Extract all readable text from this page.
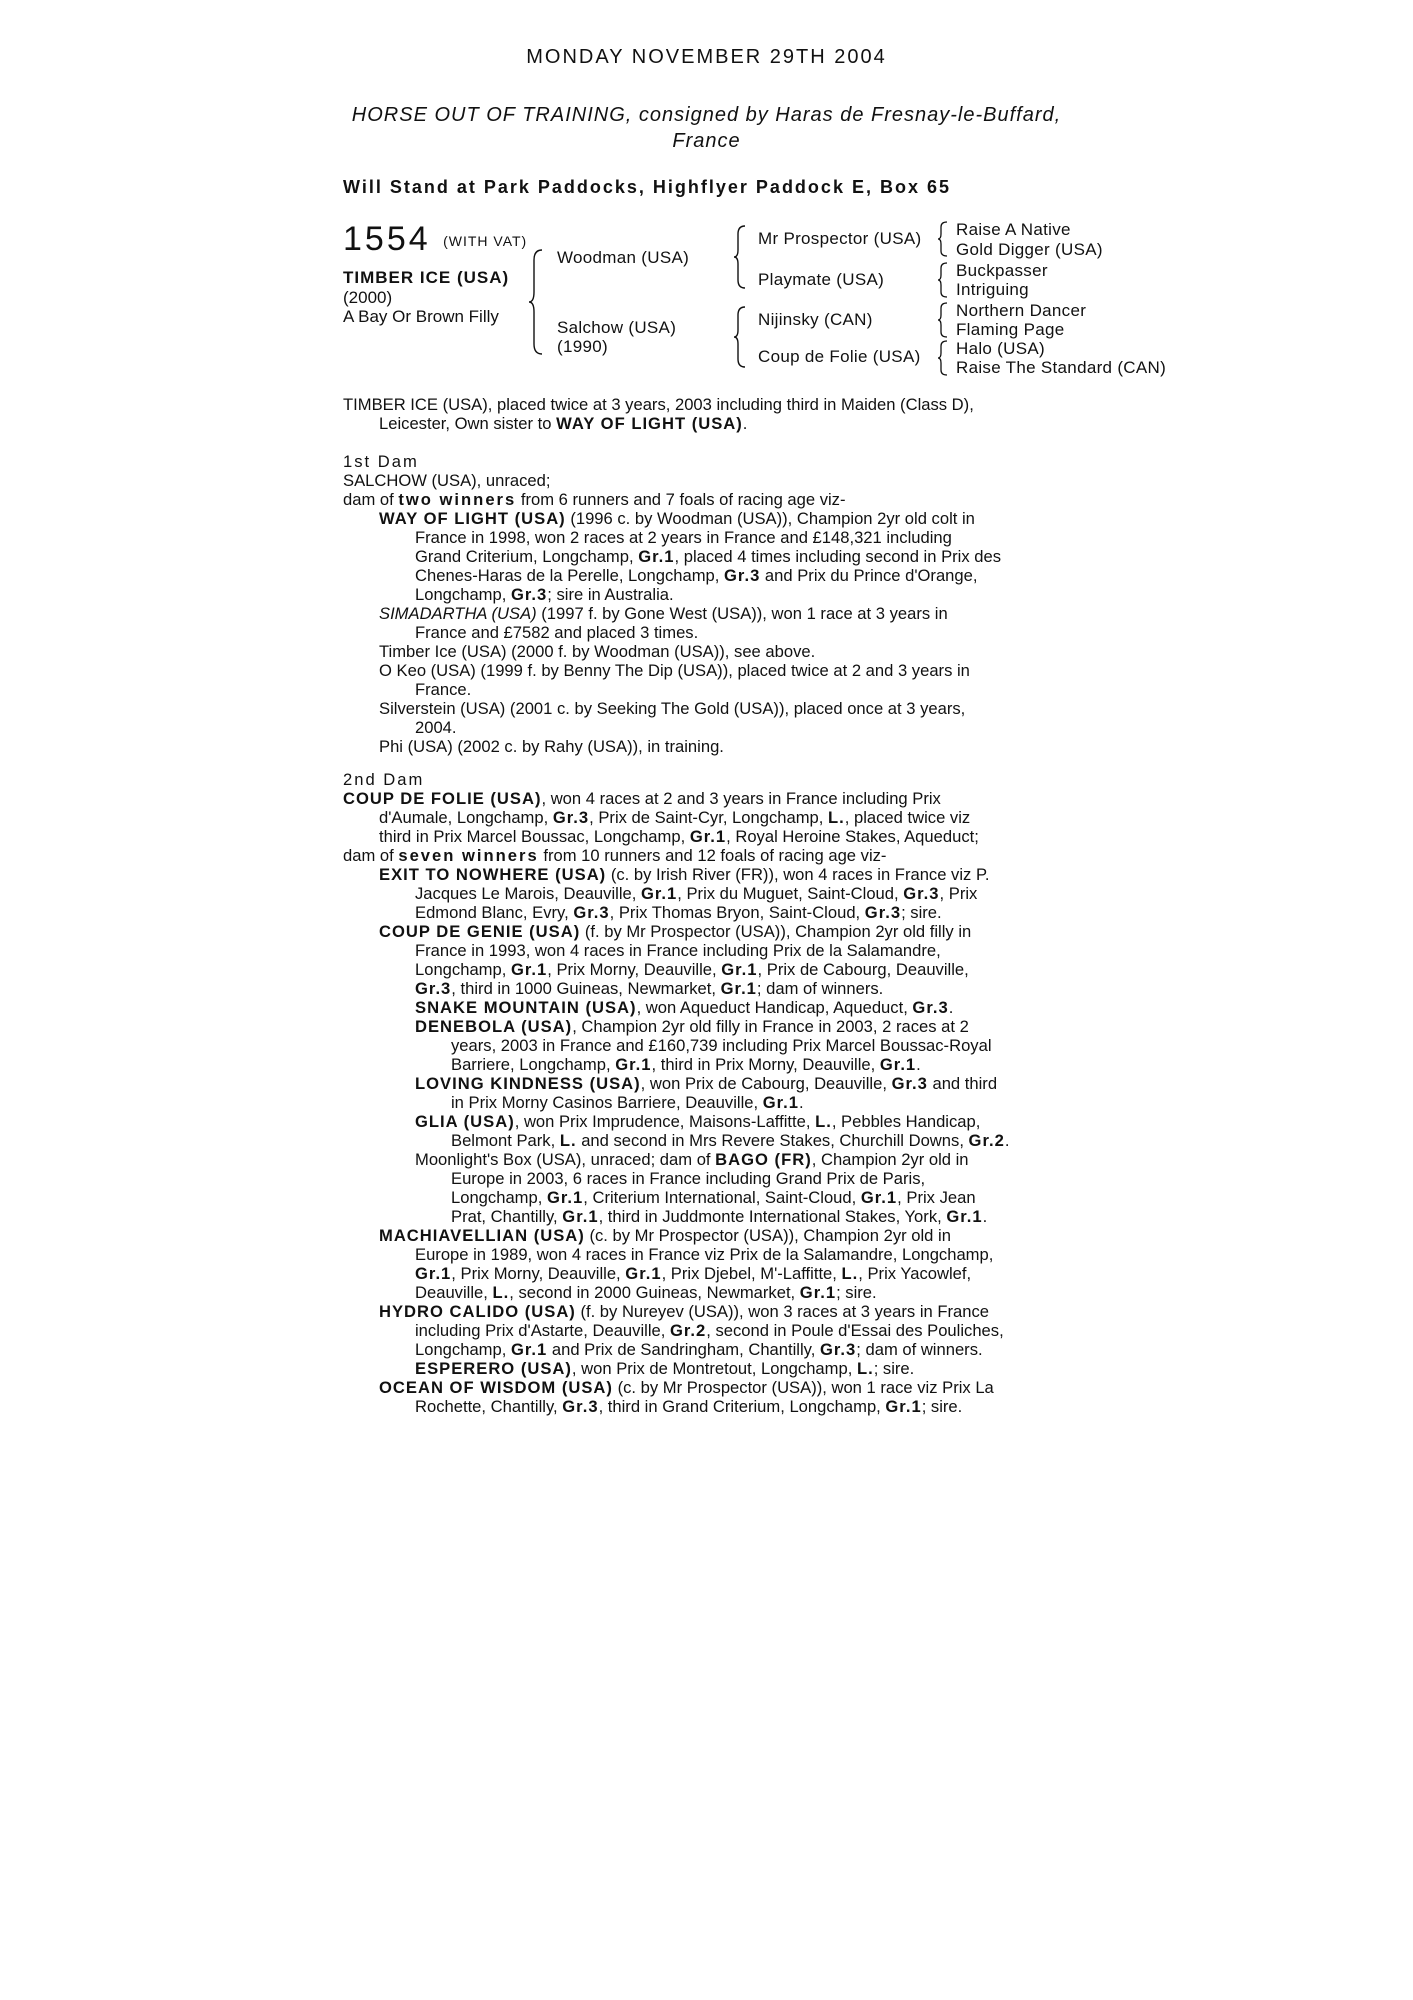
MONDAY NOVEMBER 29TH 2004
HORSE OUT OF TRAINING, consigned by Haras de Fresnay-le-Buffard,
France
Will Stand at Park Paddocks, Highflyer Paddock E, Box 65
1554 (WITH VAT)
TIMBER ICE (USA)
(2000)
A Bay Or Brown Filly
Woodman (USA)
Salchow (USA)
(1990)
Mr Prospector (USA)
Playmate (USA)
Nijinsky (CAN)
Coup de Folie (USA)
Raise A Native
Gold Digger (USA)
Buckpasser
Intriguing
Northern Dancer
Flaming Page
Halo (USA)
Raise The Standard (CAN)
TIMBER ICE (USA), placed twice at 3 years, 2003 including third in Maiden (Class D),
Leicester, Own sister to WAY OF LIGHT (USA).
1st Dam
SALCHOW (USA), unraced;
dam of two winners from 6 runners and 7 foals of racing age viz-
WAY OF LIGHT (USA) (1996 c. by Woodman (USA)), Champion 2yr old colt in
France in 1998, won 2 races at 2 years in France and £148,321 including
Grand Criterium, Longchamp, Gr.1, placed 4 times including second in Prix des
Chenes-Haras de la Perelle, Longchamp, Gr.3 and Prix du Prince d'Orange,
Longchamp, Gr.3; sire in Australia.
SIMADARTHA (USA) (1997 f. by Gone West (USA)), won 1 race at 3 years in
France and £7582 and placed 3 times.
Timber Ice (USA) (2000 f. by Woodman (USA)), see above.
O Keo (USA) (1999 f. by Benny The Dip (USA)), placed twice at 2 and 3 years in
France.
Silverstein (USA) (2001 c. by Seeking The Gold (USA)), placed once at 3 years,
2004.
Phi (USA) (2002 c. by Rahy (USA)), in training.
2nd Dam
COUP DE FOLIE (USA), won 4 races at 2 and 3 years in France including Prix
d'Aumale, Longchamp, Gr.3, Prix de Saint-Cyr, Longchamp, L., placed twice viz
third in Prix Marcel Boussac, Longchamp, Gr.1, Royal Heroine Stakes, Aqueduct;
dam of seven winners from 10 runners and 12 foals of racing age viz-
EXIT TO NOWHERE (USA) (c. by Irish River (FR)), won 4 races in France viz P.
Jacques Le Marois, Deauville, Gr.1, Prix du Muguet, Saint-Cloud, Gr.3, Prix
Edmond Blanc, Evry, Gr.3, Prix Thomas Bryon, Saint-Cloud, Gr.3; sire.
COUP DE GENIE (USA) (f. by Mr Prospector (USA)), Champion 2yr old filly in
France in 1993, won 4 races in France including Prix de la Salamandre,
Longchamp, Gr.1, Prix Morny, Deauville, Gr.1, Prix de Cabourg, Deauville,
Gr.3, third in 1000 Guineas, Newmarket, Gr.1; dam of winners.
SNAKE MOUNTAIN (USA), won Aqueduct Handicap, Aqueduct, Gr.3.
DENEBOLA (USA), Champion 2yr old filly in France in 2003, 2 races at 2
years, 2003 in France and £160,739 including Prix Marcel Boussac-Royal
Barriere, Longchamp, Gr.1, third in Prix Morny, Deauville, Gr.1.
LOVING KINDNESS (USA), won Prix de Cabourg, Deauville, Gr.3 and third
in Prix Morny Casinos Barriere, Deauville, Gr.1.
GLIA (USA), won Prix Imprudence, Maisons-Laffitte, L., Pebbles Handicap,
Belmont Park, L. and second in Mrs Revere Stakes, Churchill Downs, Gr.2.
Moonlight's Box (USA), unraced; dam of BAGO (FR), Champion 2yr old in
Europe in 2003, 6 races in France including Grand Prix de Paris,
Longchamp, Gr.1, Criterium International, Saint-Cloud, Gr.1, Prix Jean
Prat, Chantilly, Gr.1, third in Juddmonte International Stakes, York, Gr.1.
MACHIAVELLIAN (USA) (c. by Mr Prospector (USA)), Champion 2yr old in
Europe in 1989, won 4 races in France viz Prix de la Salamandre, Longchamp,
Gr.1, Prix Morny, Deauville, Gr.1, Prix Djebel, M'-Laffitte, L., Prix Yacowlef,
Deauville, L., second in 2000 Guineas, Newmarket, Gr.1; sire.
HYDRO CALIDO (USA) (f. by Nureyev (USA)), won 3 races at 3 years in France
including Prix d'Astarte, Deauville, Gr.2, second in Poule d'Essai des Pouliches,
Longchamp, Gr.1 and Prix de Sandringham, Chantilly, Gr.3; dam of winners.
ESPERERO (USA), won Prix de Montretout, Longchamp, L.; sire.
OCEAN OF WISDOM (USA) (c. by Mr Prospector (USA)), won 1 race viz Prix La
Rochette, Chantilly, Gr.3, third in Grand Criterium, Longchamp, Gr.1; sire.
